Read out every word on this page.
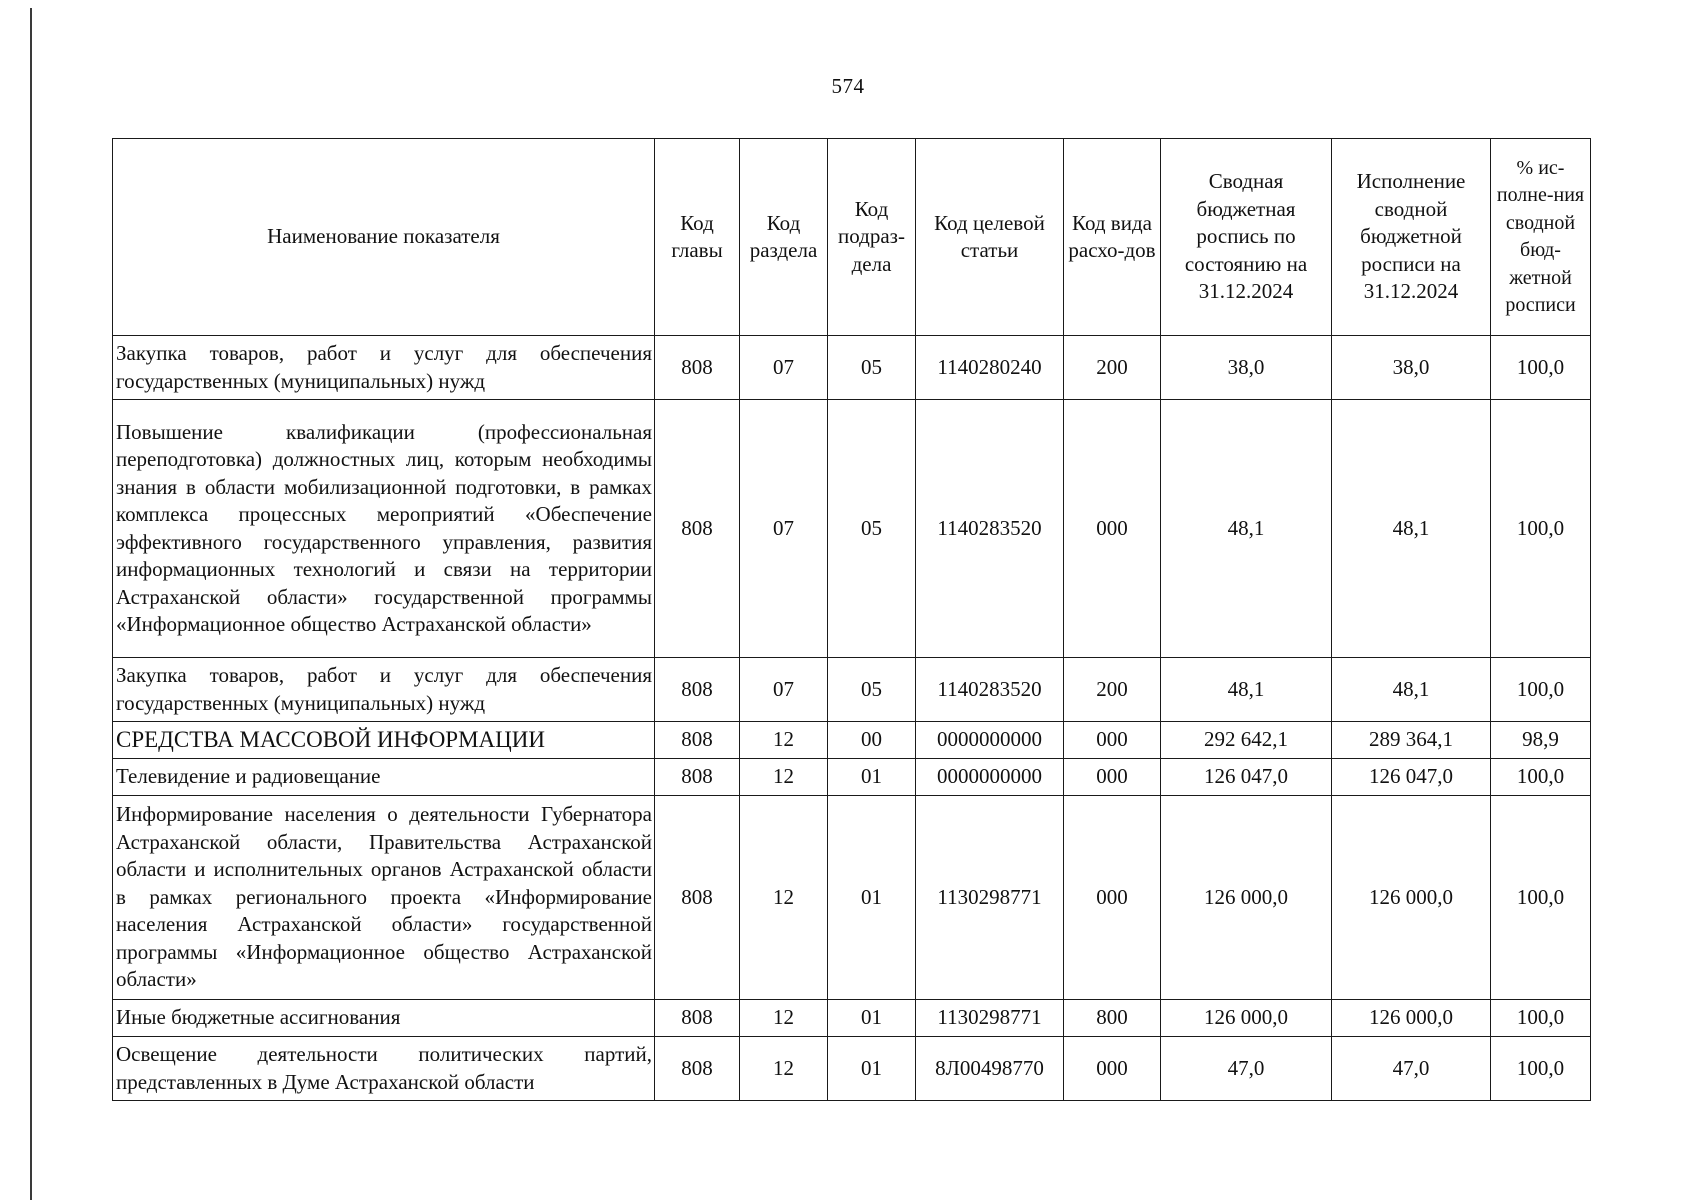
574
Наименование показателя	Код главы	Код раздела	Код подраз-дела	Код целевой статьи	Код вида расхо-дов	Сводная бюджетная роспись по состоянию на 31.12.2024	Исполнение сводной бюджетной росписи на 31.12.2024	% ис-полне-ния сводной бюд-жетной росписи
Закупка товаров, работ и услуг для обеспечения государственных (муниципальных) нужд	808	07	05	1140280240	200	38,0	38,0	100,0
Повышение квалификации (профессиональная переподготовка) должностных лиц, которым необходимы знания в области мобилизационной подготовки, в рамках комплекса процессных мероприятий «Обеспечение эффективного государственного управления, развития информационных технологий и связи на территории Астраханской области» государственной программы «Информационное общество Астраханской области»	808	07	05	1140283520	000	48,1	48,1	100,0
Закупка товаров, работ и услуг для обеспечения государственных (муниципальных) нужд	808	07	05	1140283520	200	48,1	48,1	100,0
СРЕДСТВА МАССОВОЙ ИНФОРМАЦИИ	808	12	00	0000000000	000	292 642,1	289 364,1	98,9
Телевидение и радиовещание	808	12	01	0000000000	000	126 047,0	126 047,0	100,0
Информирование населения о деятельности Губернатора Астраханской области, Правительства Астраханской области и исполнительных органов Астраханской области в рамках регионального проекта «Информирование населения Астраханской области» государственной программы «Информационное общество Астраханской области»	808	12	01	1130298771	000	126 000,0	126 000,0	100,0
Иные бюджетные ассигнования	808	12	01	1130298771	800	126 000,0	126 000,0	100,0
Освещение деятельности политических партий, представленных в Думе Астраханской области	808	12	01	8Л00498770	000	47,0	47,0	100,0
